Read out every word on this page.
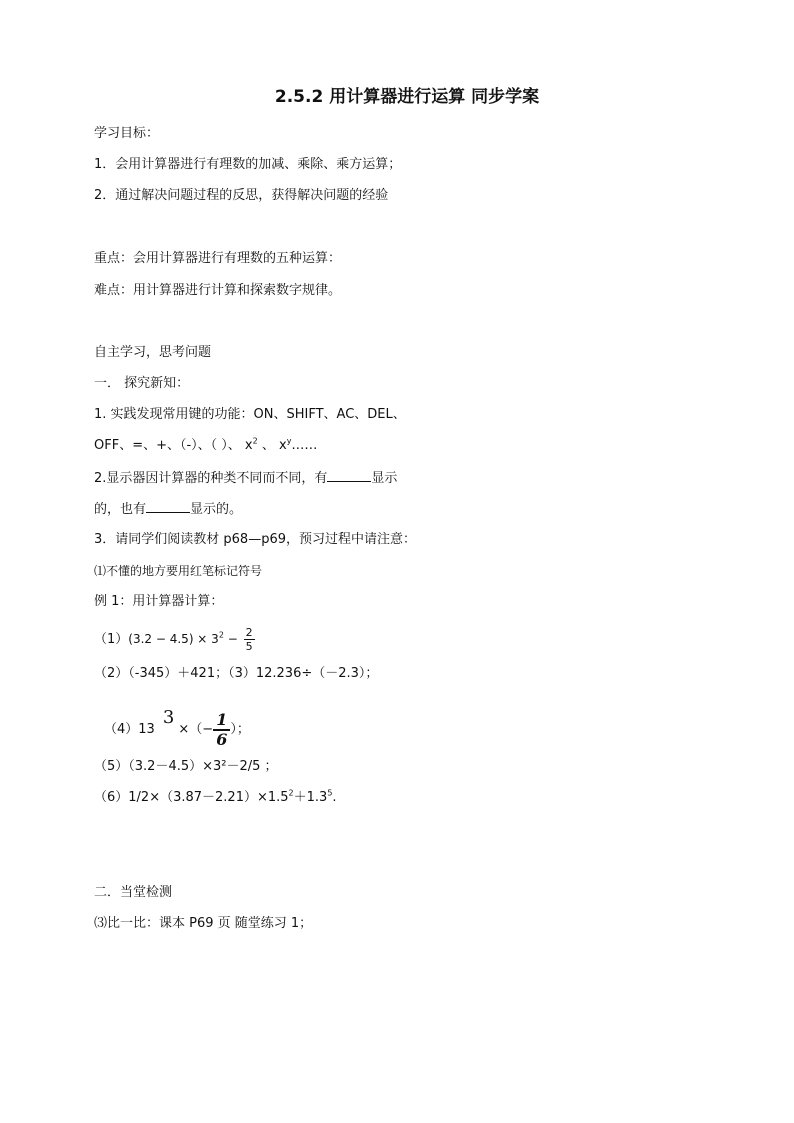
2.5.2 用计算器进行运算 同步学案
学习目标：
1．会用计算器进行有理数的加减、乘除、乘方运算；
2．通过解决问题过程的反思，获得解决问题的经验
重点：会用计算器进行有理数的五种运算：
难点：用计算器进行计算和探索数字规律。
自主学习，思考问题
一． 探究新知：
1. 实践发现常用键的功能：ON、SHIFT、AC、DEL、
OFF、=、+、（-）、（ ）、 $x^2$ 、 $x^y\dots\dots$
2.显示器因计算器的种类不同而不同，有	显示
的，也有	显示的。
3．请同学们阅读教材 p68—p69，预习过程中请注意：
⑴不懂的地方要用红笔标记符号
例 1：用计算器计算：
$(1)(3.2 - 4.5) \times 3^2 - \frac{2}{5}$
（2）（-345）＋421；（3）12.236÷（－2.3）；
（4）133 ×（− $\frac{1}{6}$ ）；
（5）（3.2－4.5）×3²－2/5 ；
$(6)1/2\times(3.87-2.21)\times 1.5^2+1.3^5$.
二．当堂检测
⑶比一比：课本 P69 页 随堂练习 1；
